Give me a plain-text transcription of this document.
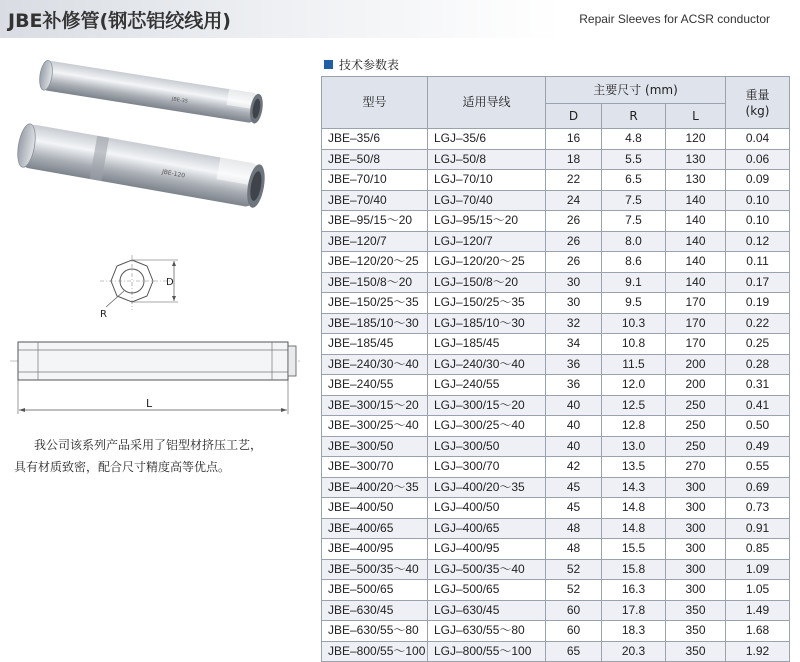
JBE补修管(钢芯铝绞线用)	Repair Sleeves for ACSR conductor
JBE-35
JBE-120
D
R
L

我公司该系列产品采用了铝型材挤压工艺，

具有材质致密，配合尺寸精度高等优点。

技术参数表
型号	适用导线	主要尺寸 (mm)			重量
(kg)
		D	R	L	
JBE–35/6	LGJ–35/6	16	4.8	120	0.04
JBE–50/8	LGJ–50/8	18	5.5	130	0.06
JBE–70/10	LGJ–70/10	22	6.5	130	0.09
JBE–70/40	LGJ–70/40	24	7.5	140	0.10
JBE–95/15～20	LGJ–95/15～20	26	7.5	140	0.10
JBE–120/7	LGJ–120/7	26	8.0	140	0.12
JBE–120/20～25	LGJ–120/20～25	26	8.6	140	0.11
JBE–150/8～20	LGJ–150/8～20	30	9.1	140	0.17
JBE–150/25～35	LGJ–150/25～35	30	9.5	170	0.19
JBE–185/10～30	LGJ–185/10～30	32	10.3	170	0.22
JBE–185/45	LGJ–185/45	34	10.8	170	0.25
JBE–240/30～40	LGJ–240/30～40	36	11.5	200	0.28
JBE–240/55	LGJ–240/55	36	12.0	200	0.31
JBE–300/15～20	LGJ–300/15～20	40	12.5	250	0.41
JBE–300/25～40	LGJ–300/25～40	40	12.8	250	0.50
JBE–300/50	LGJ–300/50	40	13.0	250	0.49
JBE–300/70	LGJ–300/70	42	13.5	270	0.55
JBE–400/20～35	LGJ–400/20～35	45	14.3	300	0.69
JBE–400/50	LGJ–400/50	45	14.8	300	0.73
JBE–400/65	LGJ–400/65	48	14.8	300	0.91
JBE–400/95	LGJ–400/95	48	15.5	300	0.85
JBE–500/35～40	LGJ–500/35～40	52	15.8	300	1.09
JBE–500/65	LGJ–500/65	52	16.3	300	1.05
JBE–630/45	LGJ–630/45	60	17.8	350	1.49
JBE–630/55～80	LGJ–630/55～80	60	18.3	350	1.68
JBE–800/55～100	LGJ–800/55～100	65	20.3	350	1.92
